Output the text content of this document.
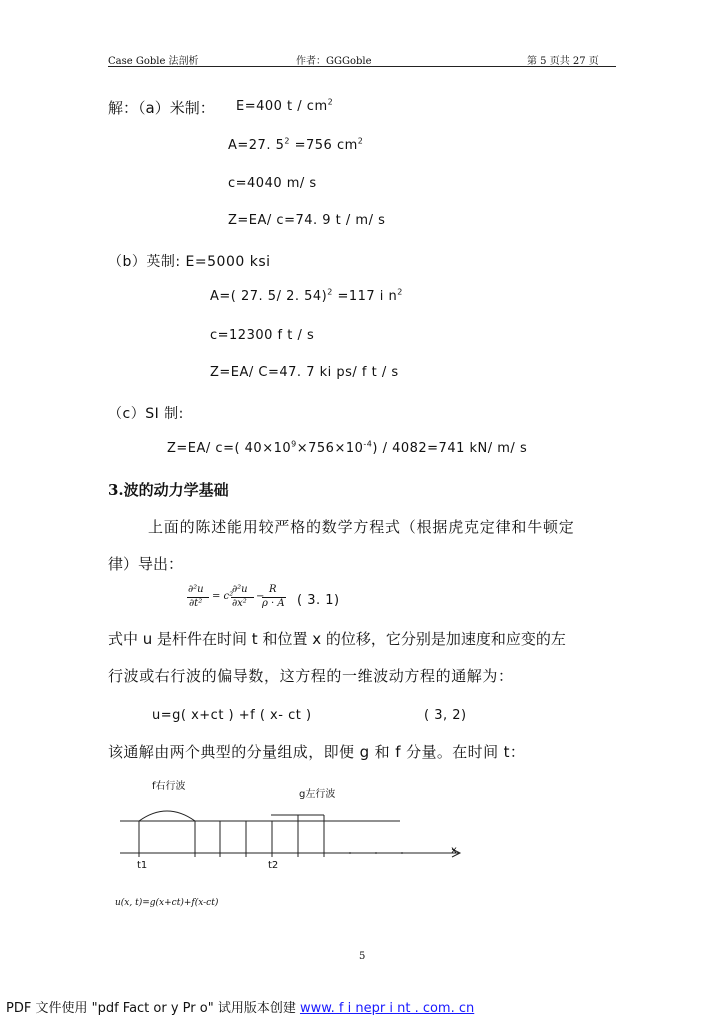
Case Goble 法剖析	作者：GGGoble	第 5 页共 27 页
解：（a）米制： E=400 t / $cm^2$
A=27. $5^2 =756$ $cm^2$
c=4040 m/ s
Z=EA/ c=74. 9 t / m/ s
（b）英制: E=5000 ksi
A=( 27. 5/ 2. 54)$^2$ =117 i $n^2$
c=12300 f t / s
Z=EA/ C=47. 7 ki ps/ f t / s
（c）SI 制:
Z=EA/ c=( $40\times 10^9\times 756\times 10^{-4}) / 4082=741$ kN/ m/ s
3.波的动力学基础
上面的陈述能用较严格的数学方程式（根据虎克定律和牛顿定
律）导出：
∂²u
∂t²
= c²
∂²u
∂x²
−
R
ρ · A ( 3. 1)
式中 u 是杆件在时间 t 和位置 x 的位移，它分别是加速度和应变的左
行波或右行波的偏导数，这方程的一维波动方程的通解为：
u=g( x+ct ) +f ( x- ct )	( 3, 2)
该通解由两个典型的分量组成，即便 g 和 f 分量。在时间 t：
f右行波
g左行波
x
t1	t2
u(x, t)=g(x+ct)+f(x-ct)
5
PDF 文件使用 "pdf Fact or y Pr o" 试用版本创建 www. f i nepr i nt . com. cn
